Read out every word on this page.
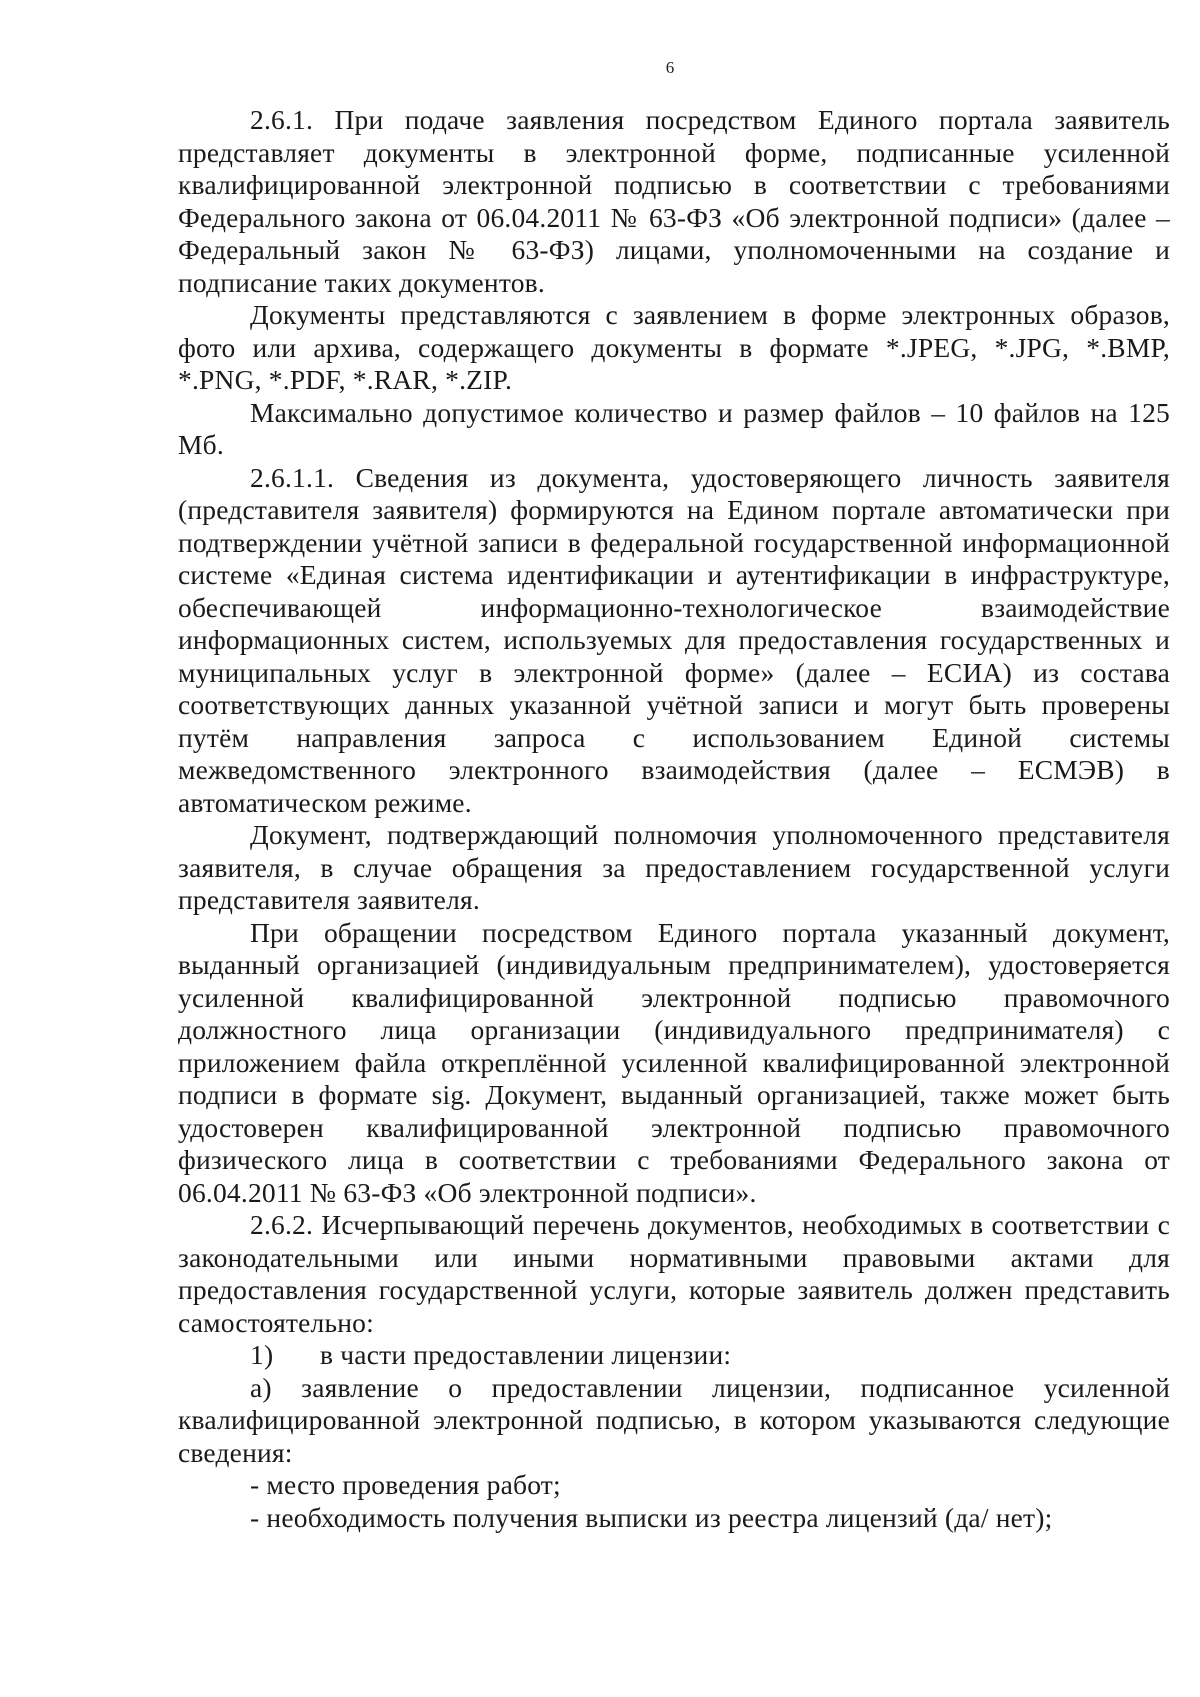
6

2.6.1. При подаче заявления посредством Единого портала заявитель представляет документы в электронной форме, подписанные усиленной квалифицированной электронной подписью в соответствии с требованиями Федерального закона от 06.04.2011 № 63-ФЗ «Об электронной подписи» (далее – Федеральный закон № 63-ФЗ) лицами, уполномоченными на создание и подписание таких документов.

Документы представляются с заявлением в форме электронных образов, фото или архива, содержащего документы в формате *.JPEG, *.JPG, *.BMP, *.PNG, *.PDF, *.RAR, *.ZIP.

Максимально допустимое количество и размер файлов – 10 файлов на 125 Мб.

2.6.1.1. Сведения из документа, удостоверяющего личность заявителя (представителя заявителя) формируются на Едином портале автоматически при подтверждении учётной записи в федеральной государственной информационной системе «Единая система идентификации и аутентификации в инфраструктуре, обеспечивающей информационно-технологическое взаимодействие информационных систем, используемых для предоставления государственных и муниципальных услуг в электронной форме» (далее – ЕСИА) из состава соответствующих данных указанной учётной записи и могут быть проверены путём направления запроса с использованием Единой системы межведомственного электронного взаимодействия (далее – ЕСМЭВ) в автоматическом режиме.

Документ, подтверждающий полномочия уполномоченного представителя заявителя, в случае обращения за предоставлением государственной услуги представителя заявителя.

При обращении посредством Единого портала указанный документ, выданный организацией (индивидуальным предпринимателем), удостоверяется усиленной квалифицированной электронной подписью правомочного должностного лица организации (индивидуального предпринимателя) с приложением файла откреплённой усиленной квалифицированной электронной подписи в формате sig. Документ, выданный организацией, также может быть удостоверен квалифицированной электронной подписью правомочного физического лица в соответствии с требованиями Федерального закона от 06.04.2011 № 63-ФЗ «Об электронной подписи».

2.6.2. Исчерпывающий перечень документов, необходимых в соответствии с законодательными или иными нормативными правовыми актами для предоставления государственной услуги, которые заявитель должен представить самостоятельно:

1)	в части предоставлении лицензии:

а) заявление о предоставлении лицензии, подписанное усиленной квалифицированной электронной подписью, в котором указываются следующие сведения:

- место проведения работ;

- необходимость получения выписки из реестра лицензий (да/ нет);
